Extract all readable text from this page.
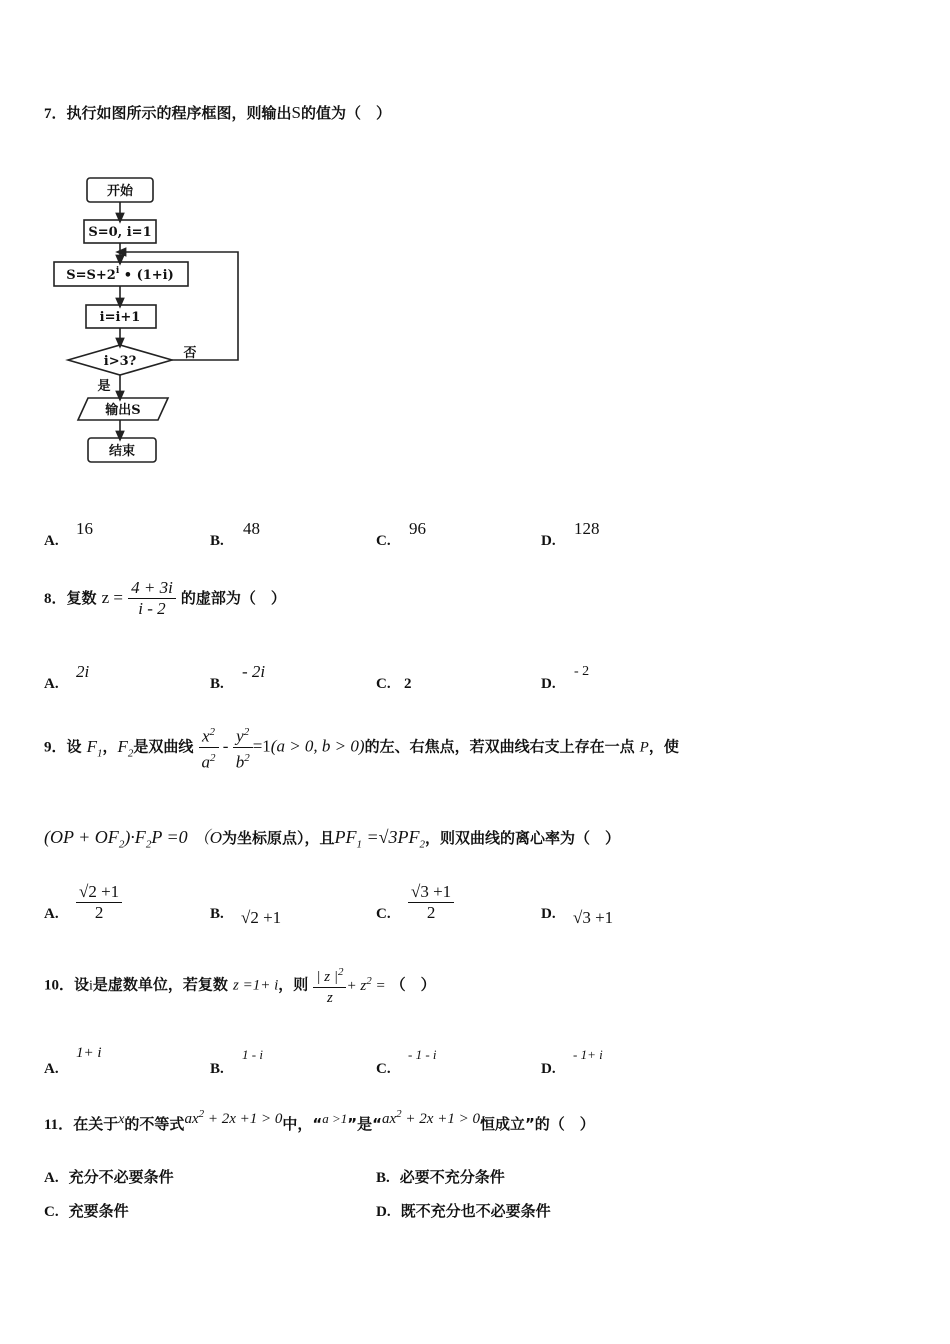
7．执行如图所示的程序框图，则输出S的值为（　）
开始
S=0, i=1
$S=S+2^i$ • (1+i)
i=i+1
i>3?
否
是
输出S
结束
A.
16
B.
48
C.
96
D.
128
8．复数 $z = \frac{4 + 3i}{i - 2}$ 的虚部为（　）
A.
2i
B.
- 2i
C. 2	D.
- 2
9．设 $F_1$，$F_2$是双曲线 $\frac{x^2}{a^2} - \frac{y^2}{b^2} =1(a > 0$, b > 0)的左、右焦点，若双曲线右支上存在一点 P，使
$(OP + OF_2)\cdot F_2P =0$ （O为坐标原点），且$PF_1 =√3PF_2$，则双曲线的离心率为（　）
A. $\frac{√2 +1}{2}$	B. √2 +1	C. $\frac{√3 +1}{2}$	D. √3 +1
10．设i是虚数单位，若复数 z =1+ i，则 $\frac{| z |^2}{z} + z^2$ = （　）
A.
1+ i
B.
1 - i
C.
- 1 - i
D.
- 1+ i
11．在关于x的不等式$ax^2 + 2x +1 > 0$中，“$^{a >1}$”是“$ax^2 + 2x +1 > 0$恒成立”的（　）
A. 充分不必要条件	B. 必要不充分条件
C. 充要条件	D. 既不充分也不必要条件
